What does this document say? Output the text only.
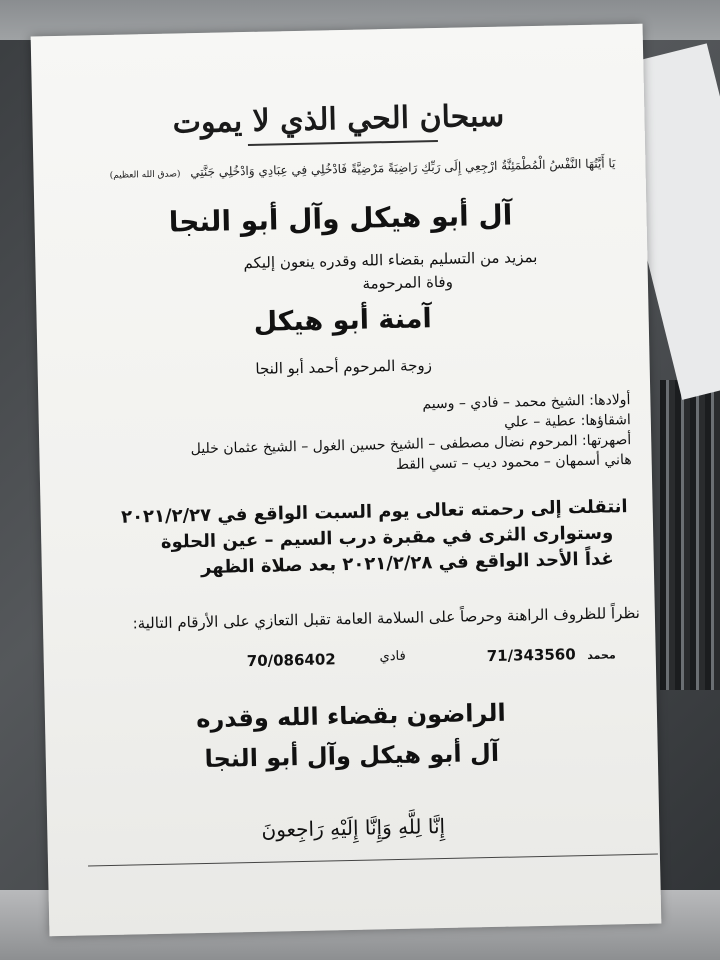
سبحان الحي الذي لا يموت
يَا أَيَّتُهَا النَّفْسُ الْمُطْمَئِنَّةُ ارْجِعِي إِلَى رَبِّكِ رَاضِيَةً مَرْضِيَّةً فَادْخُلِي فِي عِبَادِي وَادْخُلِي جَنَّتِي (صدق الله العظيم)
آل أبو هيكل وآل أبو النجا
بمزيد من التسليم بقضاء الله وقدره ينعون إليكم
وفاة المرحومة
آمنة أبو هيكل
زوجة المرحوم أحمد أبو النجا
أولادها: الشيخ محمد – فادي – وسيم
اشقاؤها: عطية – علي
أصهرتها: المرحوم نضال مصطفى – الشيخ حسين الغول – الشيخ عثمان خليل
هاني أسمهان – محمود ديب – تسي القط
انتقلت إلى رحمته تعالى يوم السبت الواقع في ٢٠٢١/٢/٢٧
وستوارى الثرى في مقبرة درب السيم – عين الحلوة
غداً الأحد الواقع في ٢٠٢١/٢/٢٨ بعد صلاة الظهر
نظراً للظروف الراهنة وحرصاً على السلامة العامة تقبل التعازي على الأرقام التالية:
محمد
71/343560
فادي
70/086402
الراضون بقضاء الله وقدره
آل أبو هيكل وآل أبو النجا
إِنَّا لِلَّهِ وَإِنَّا إِلَيْهِ رَاجِعونَ
